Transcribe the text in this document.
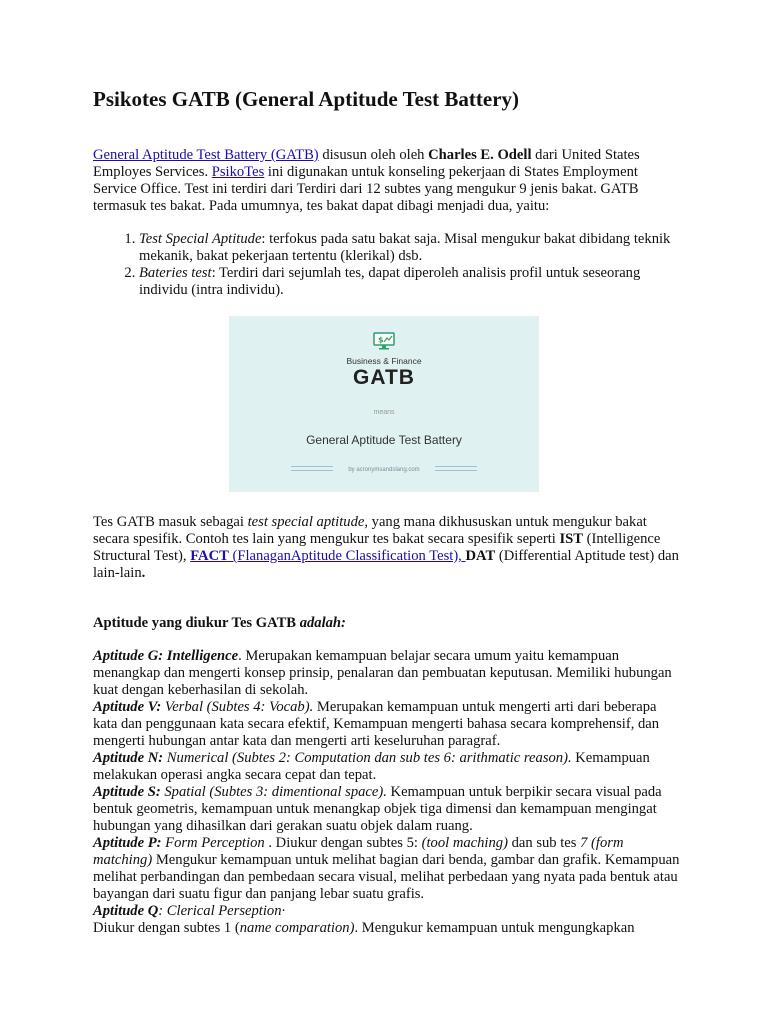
Psikotes GATB (General Aptitude Test Battery)

General Aptitude Test Battery (GATB) disusun oleh oleh Charles E. Odell dari United States Employes Services. PsikoTes ini digunakan untuk konseling pekerjaan di States Employment Service Office. Test ini terdiri dari Terdiri dari 12 subtes yang mengukur 9 jenis bakat. GATB termasuk tes bakat. Pada umumnya, tes bakat dapat dibagi menjadi dua, yaitu:

1. Test Special Aptitude: terfokus pada satu bakat saja. Misal mengukur bakat dibidang teknik mekanik, bakat pekerjaan tertentu (klerikal) dsb.
2. Bateries test: Terdiri dari sejumlah tes, dapat diperoleh analisis profil untuk seseorang individu (intra individu).
$
Business & Finance
GATB
means
General Aptitude Test Battery
by acronymsandslang.com

Tes GATB masuk sebagai test special aptitude, yang mana dikhususkan untuk mengukur bakat secara spesifik. Contoh tes lain yang mengukur tes bakat secara spesifik seperti IST (Intelligence Structural Test), FACT (FlanaganAptitude Classification Test), DAT (Differential Aptitude test) dan lain-lain.

Aptitude yang diukur Tes GATB adalah:

Aptitude G: Intelligence. Merupakan kemampuan belajar secara umum yaitu kemampuan menangkap dan mengerti konsep prinsip, penalaran dan pembuatan keputusan. Memiliki hubungan kuat dengan keberhasilan di sekolah.

Aptitude V: Verbal (Subtes 4: Vocab). Merupakan kemampuan untuk mengerti arti dari beberapa kata dan penggunaan kata secara efektif, Kemampuan mengerti bahasa secara komprehensif, dan mengerti hubungan antar kata dan mengerti arti keseluruhan paragraf.

Aptitude N: Numerical (Subtes 2: Computation dan sub tes 6: arithmatic reason). Kemampuan melakukan operasi angka secara cepat dan tepat.

Aptitude S: Spatial (Subtes 3: dimentional space). Kemampuan untuk berpikir secara visual pada bentuk geometris, kemampuan untuk menangkap objek tiga dimensi dan kemampuan mengingat hubungan yang dihasilkan dari gerakan suatu objek dalam ruang.

Aptitude P: Form Perception . Diukur dengan subtes 5: (tool maching) dan sub tes 7 (form matching) Mengukur kemampuan untuk melihat bagian dari benda, gambar dan grafik. Kemampuan melihat perbandingan dan pembedaan secara visual, melihat perbedaan yang nyata pada bentuk atau bayangan dari suatu figur dan panjang lebar suatu grafis.

Aptitude Q: Clerical Perseption·

Diukur dengan subtes 1 (name comparation). Mengukur kemampuan untuk mengungkapkan
